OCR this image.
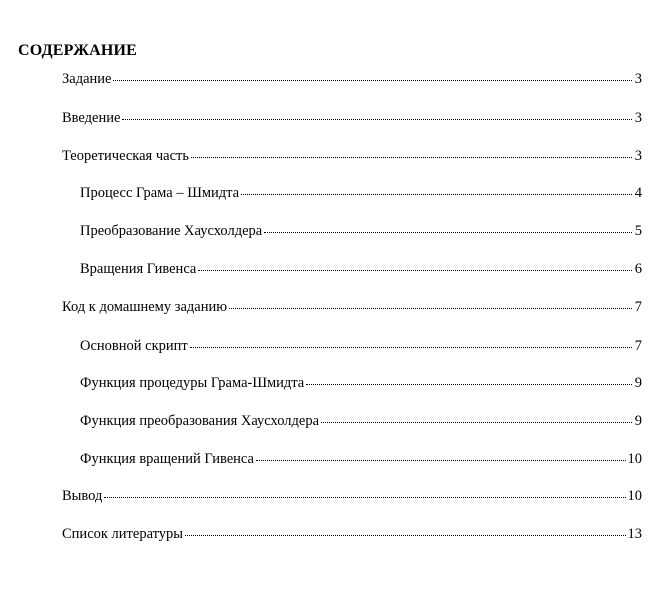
СОДЕРЖАНИЕ
Задание	3
Введение	3
Теоретическая часть	3
Процесс Грама – Шмидта	4
Преобразование Хаусхолдера	5
Вращения Гивенса	6
Код к домашнему заданию	7
Основной скрипт	7
Функция процедуры Грама-Шмидта	9
Функция преобразования Хаусхолдера	9
Функция вращений Гивенса	10
Вывод	10
Список литературы	13
